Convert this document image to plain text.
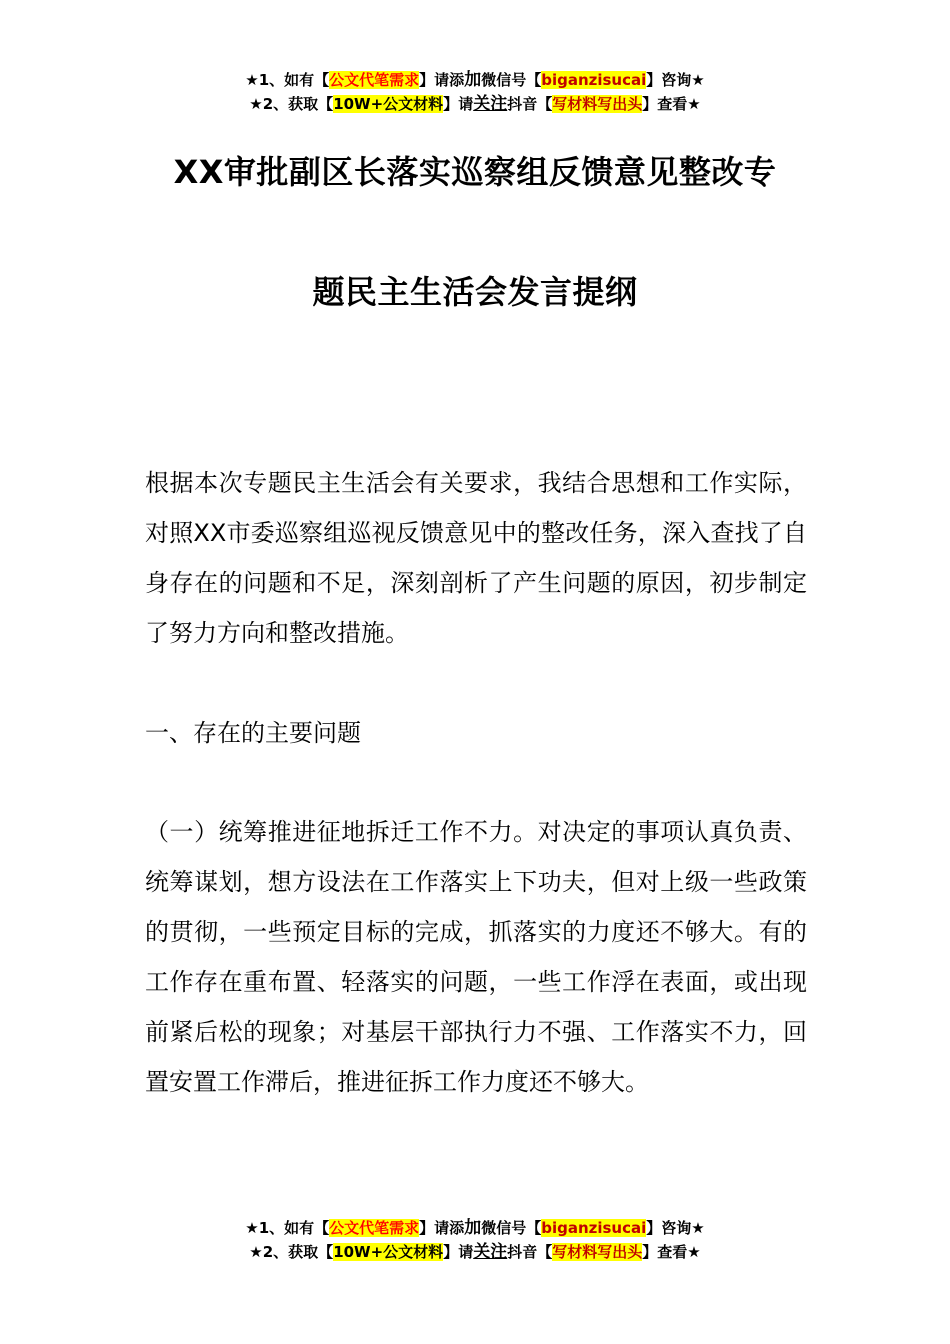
★1、如有【公文代笔需求】请添加微信号【biganzisucai】咨询★
★2、获取【10W+公文材料】请关注抖音【写材料写出头】查看★
XX审批副区长落实巡察组反馈意见整改专
题民主生活会发言提纲
根据本次专题民主生活会有关要求，我结合思想和工作实际，对照XX市委巡察组巡视反馈意见中的整改任务，深入查找了自身存在的问题和不足，深刻剖析了产生问题的原因，初步制定了努力方向和整改措施。
一、存在的主要问题
（一）统筹推进征地拆迁工作不力。对决定的事项认真负责、统筹谋划，想方设法在工作落实上下功夫，但对上级一些政策的贯彻，一些预定目标的完成，抓落实的力度还不够大。有的工作存在重布置、轻落实的问题，一些工作浮在表面，或出现前紧后松的现象；对基层干部执行力不强、工作落实不力，回置安置工作滞后，推进征拆工作力度还不够大。
★1、如有【公文代笔需求】请添加微信号【biganzisucai】咨询★
★2、获取【10W+公文材料】请关注抖音【写材料写出头】查看★
